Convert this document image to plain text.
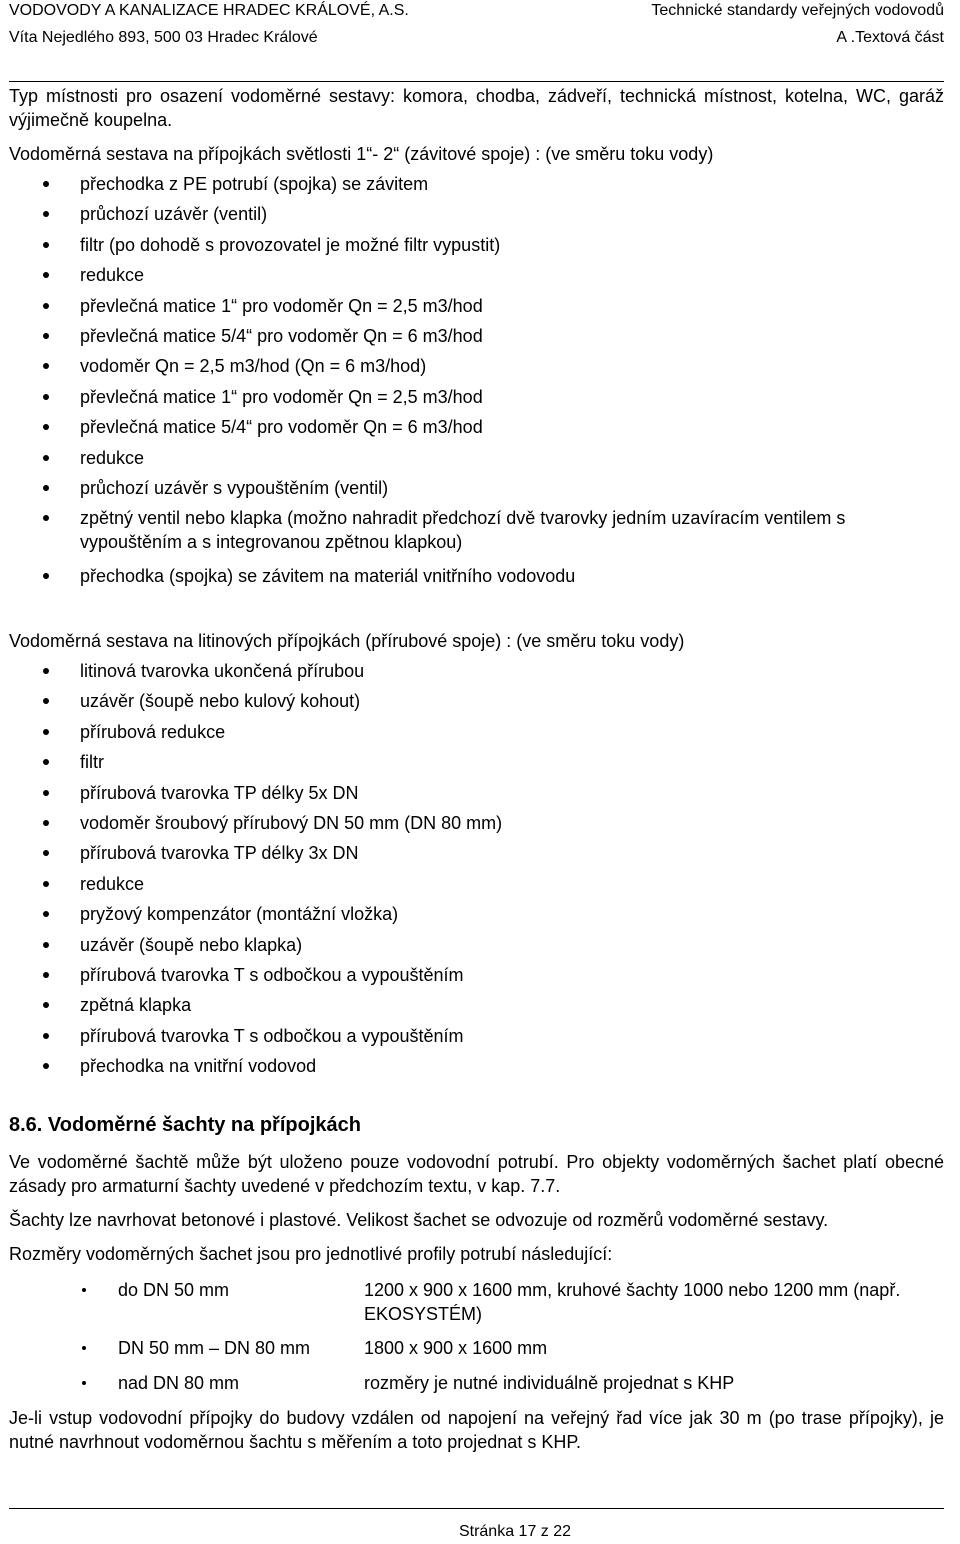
VODOVODY A KANALIZACE HRADEC KRÁLOVÉ, A.S.	Technické standardy veřejných vodovodů
Víta Nejedlého 893, 500 03 Hradec Králové	A .Textová část

Typ místnosti pro osazení vodoměrné sestavy: komora, chodba, zádveří, technická místnost, kotelna, WC, garáž výjimečně koupelna.

Vodoměrná sestava na přípojkách světlosti 1“- 2“ (závitové spoje) : (ve směru toku vody)

přechodka z PE potrubí (spojka) se závitem
průchozí uzávěr (ventil)
filtr (po dohodě s provozovatel je možné filtr vypustit)
redukce
převlečná matice 1“ pro vodoměr Qn = 2,5 m3/hod
převlečná matice 5/4“ pro vodoměr Qn = 6 m3/hod
vodoměr Qn = 2,5 m3/hod (Qn = 6 m3/hod)
převlečná matice 1“ pro vodoměr Qn = 2,5 m3/hod
převlečná matice 5/4“ pro vodoměr Qn = 6 m3/hod
redukce
průchozí uzávěr s vypouštěním (ventil)
zpětný ventil nebo klapka (možno nahradit předchozí dvě tvarovky jedním uzavíracím ventilem s vypouštěním a s integrovanou zpětnou klapkou)
přechodka (spojka) se závitem na materiál vnitřního vodovodu

Vodoměrná sestava na litinových přípojkách (přírubové spoje) : (ve směru toku vody)

litinová tvarovka ukončená přírubou
uzávěr (šoupě nebo kulový kohout)
přírubová redukce
filtr
přírubová tvarovka TP délky 5x DN
vodoměr šroubový přírubový DN 50 mm (DN 80 mm)
přírubová tvarovka TP délky 3x DN
redukce
pryžový kompenzátor (montážní vložka)
uzávěr (šoupě nebo klapka)
přírubová tvarovka T s odbočkou a vypouštěním
zpětná klapka
přírubová tvarovka T s odbočkou a vypouštěním
přechodka na vnitřní vodovod
8.6. Vodoměrné šachty na přípojkách

Ve vodoměrné šachtě může být uloženo pouze vodovodní potrubí. Pro objekty vodoměrných šachet platí obecné zásady pro armaturní šachty uvedené v předchozím textu, v kap. 7.7.

Šachty lze navrhovat betonové i plastové. Velikost šachet se odvozuje od rozměrů vodoměrné sestavy.

Rozměry vodoměrných šachet jsou pro jednotlivé profily potrubí následující:

do DN 50 mm	1200 x 900 x 1600 mm, kruhové šachty 1000 nebo 1200 mm (např. EKOSYSTÉM)
DN 50 mm – DN 80 mm	1800 x 900 x 1600 mm
nad DN 80 mm	rozměry je nutné individuálně projednat s KHP

Je-li vstup vodovodní přípojky do budovy vzdálen od napojení na veřejný řad více jak 30 m (po trase přípojky), je nutné navrhnout vodoměrnou šachtu s měřením a toto projednat s KHP.

Stránka 17 z 22
